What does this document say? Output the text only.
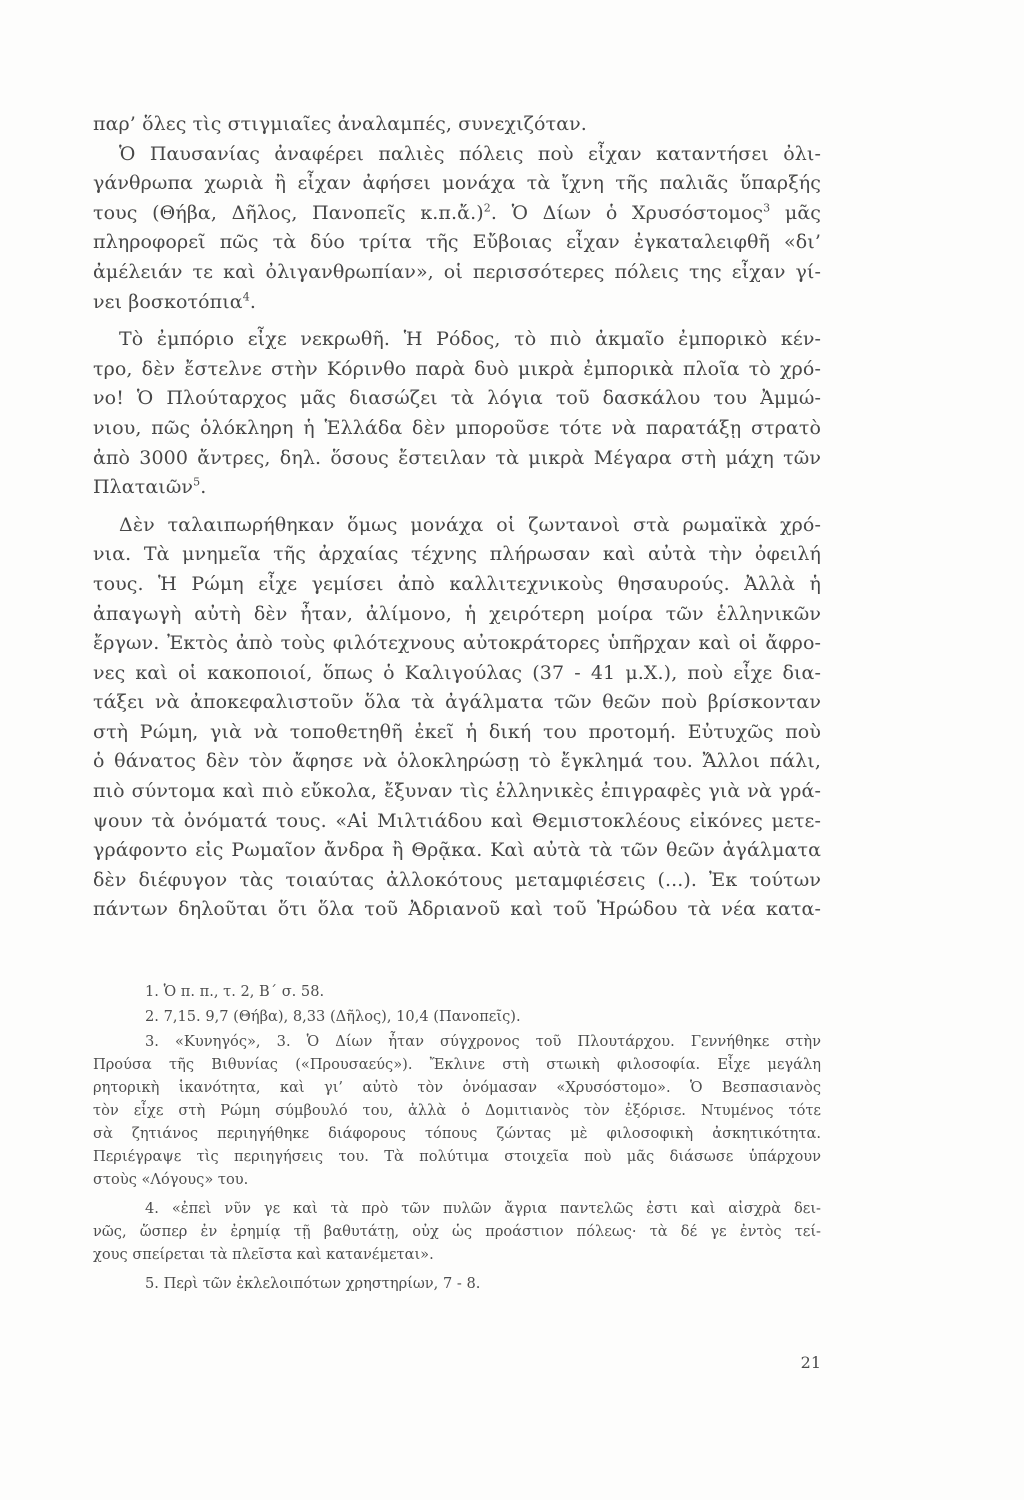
παρ’ ὅλες τὶς στιγμιαῖες ἀναλαμπές, συνεχιζόταν.

Ὁ Παυσανίας ἀναφέρει παλιὲς πόλεις ποὺ εἶχαν καταντήσει ὀλι-
γάνθρωπα χωριὰ ἢ εἶχαν ἀφήσει μονάχα τὰ ἴχνη τῆς παλιᾶς ὕπαρξής
τους (Θήβα, Δῆλος, Πανοπεῖς κ.π.ἄ.)$^2$. Ὁ Δίων ὁ Χρυσόστομος$^3$ μᾶς
πληροφορεῖ πῶς τὰ δύο τρίτα τῆς Εὔβοιας εἶχαν ἐγκαταλειφθῆ «δι’
ἀμέλειάν τε καὶ ὀλιγανθρωπίαν», οἱ περισσότερες πόλεις της εἶχαν γί-
νει βοσκοτόπια$^4$.

Τὸ ἐμπόριο εἶχε νεκρωθῆ. Ἡ Ρόδος, τὸ πιὸ ἀκμαῖο ἐμπορικὸ κέν-
τρο, δὲν ἔστελνε στὴν Κόρινθο παρὰ δυὸ μικρὰ ἐμπορικὰ πλοῖα τὸ χρό-
νο! Ὁ Πλούταρχος μᾶς διασώζει τὰ λόγια τοῦ δασκάλου του Ἀμμώ-
νιου, πῶς ὁλόκληρη ἡ Ἑλλάδα δὲν μποροῦσε τότε νὰ παρατάξῃ στρατὸ
ἀπὸ 3000 ἄντρες, δηλ. ὅσους ἔστειλαν τὰ μικρὰ Μέγαρα στὴ μάχη τῶν
Πλαταιῶν$^5$.

Δὲν ταλαιπωρήθηκαν ὅμως μονάχα οἱ ζωντανοὶ στὰ ρωμαϊκὰ χρό-
νια. Τὰ μνημεῖα τῆς ἀρχαίας τέχνης πλήρωσαν καὶ αὐτὰ τὴν ὀφειλή
τους. Ἡ Ρώμη εἶχε γεμίσει ἀπὸ καλλιτεχνικοὺς θησαυρούς. Ἀλλὰ ἡ
ἀπαγωγὴ αὐτὴ δὲν ἦταν, ἀλίμονο, ἡ χειρότερη μοίρα τῶν ἑλληνικῶν
ἔργων. Ἐκτὸς ἀπὸ τοὺς φιλότεχνους αὐτοκράτορες ὑπῆρχαν καὶ οἱ ἄφρο-
νες καὶ οἱ κακοποιοί, ὅπως ὁ Καλιγούλας (37 - 41 μ.Χ.), ποὺ εἶχε δια-
τάξει νὰ ἀποκεφαλιστοῦν ὅλα τὰ ἀγάλματα τῶν θεῶν ποὺ βρίσκονταν
στὴ Ρώμη, γιὰ νὰ τοποθετηθῆ ἐκεῖ ἡ δική του προτομή. Εὐτυχῶς ποὺ
ὁ θάνατος δὲν τὸν ἄφησε νὰ ὁλοκληρώσῃ τὸ ἔγκλημά του. Ἄλλοι πάλι,
πιὸ σύντομα καὶ πιὸ εὔκολα, ἔξυναν τὶς ἑλληνικὲς ἐπιγραφὲς γιὰ νὰ γρά-
ψουν τὰ ὀνόματά τους. «Αἱ Μιλτιάδου καὶ Θεμιστοκλέους εἰκόνες μετε-
γράφοντο εἰς Ρωμαῖον ἄνδρα ἢ Θρᾷκα. Καὶ αὐτὰ τὰ τῶν θεῶν ἀγάλματα
δὲν διέφυγον τὰς τοιαύτας ἀλλοκότους μεταμφιέσεις (...). Ἐκ τούτων
πάντων δηλοῦται ὅτι ὅλα τοῦ Ἀδριανοῦ καὶ τοῦ Ἡρώδου τὰ νέα κατα-

1. Ὁ π. π., τ. 2, Β΄ σ. 58.
2. 7,15. 9,7 (Θήβα), 8,33 (Δῆλος), 10,4 (Πανοπεῖς).
3. «Κυνηγός», 3. Ὁ Δίων ἦταν σύγχρονος τοῦ Πλουτάρχου. Γεννήθηκε στὴν
Προύσα τῆς Βιθυνίας («Προυσαεύς»). Ἔκλινε στὴ στωικὴ φιλοσοφία. Εἶχε μεγάλη
ρητορικὴ ἱκανότητα, καὶ γι’ αὐτὸ τὸν ὀνόμασαν «Χρυσόστομο». Ὁ Βεσπασιανὸς
τὸν εἶχε στὴ Ρώμη σύμβουλό του, ἀλλὰ ὁ Δομιτιανὸς τὸν ἐξόρισε. Ντυμένος τότε
σὰ ζητιάνος περιηγήθηκε διάφορους τόπους ζώντας μὲ φιλοσοφικὴ ἀσκητικότητα.
Περιέγραψε τὶς περιηγήσεις του. Τὰ πολύτιμα στοιχεῖα ποὺ μᾶς διάσωσε ὑπάρχουν
στοὺς «Λόγους» του.
4. «ἐπεὶ νῦν γε καὶ τὰ πρὸ τῶν πυλῶν ἄγρια παντελῶς ἐστι καὶ αἰσχρὰ δει-
νῶς, ὥσπερ ἐν ἐρημίᾳ τῇ βαθυτάτῃ, οὐχ ὡς προάστιον πόλεως· τὰ δέ γε ἐντὸς τεί-
χους σπείρεται τὰ πλεῖστα καὶ κατανέμεται».
5. Περὶ τῶν ἐκλελοιπότων χρηστηρίων, 7 - 8.
21
